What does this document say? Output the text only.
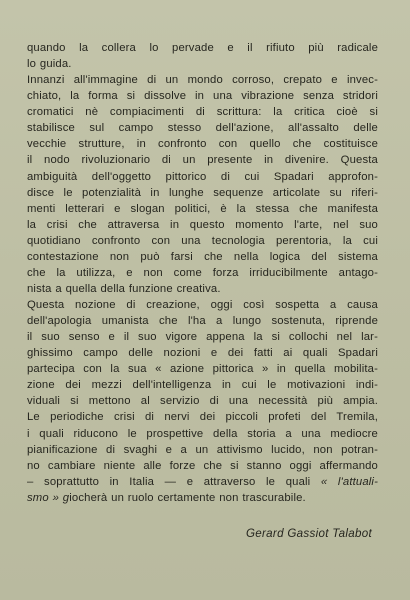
quando la collera lo pervade e il rifiuto più radicale
lo guida.
Innanzi all'immagine di un mondo corroso, crepato e invec-
chiato, la forma si dissolve in una vibrazione senza stridori
cromatici nè compiacimenti di scrittura: la critica cioè si
stabilisce sul campo stesso dell'azione, all'assalto delle
vecchie strutture, in confronto con quello che costituisce
il nodo rivoluzionario di un presente in divenire. Questa
ambiguità dell'oggetto pittorico di cui Spadari approfon-
disce le potenzialità in lunghe sequenze articolate su riferi-
menti letterari e slogan politici, è la stessa che manifesta
la crisi che attraversa in questo momento l'arte, nel suo
quotidiano confronto con una tecnologia perentoria, la cui
contestazione non può farsi che nella logica del sistema
che la utilizza, e non come forza irriducibilmente antago-
nista a quella della funzione creativa.
Questa nozione di creazione, oggi così sospetta a causa
dell'apologia umanista che l'ha a lungo sostenuta, riprende
il suo senso e il suo vigore appena la si collochi nel lar-
ghissimo campo delle nozioni e dei fatti ai quali Spadari
partecipa con la sua « azione pittorica » in quella mobilita-
zione dei mezzi dell'intelligenza in cui le motivazioni indi-
viduali si mettono al servizio di una necessità più ampia.
Le periodiche crisi di nervi dei piccoli profeti del Tremila,
i quali riducono le prospettive della storia a una mediocre
pianificazione di svaghi e a un attivismo lucido, non potran-
no cambiare niente alle forze che si stanno oggi affermando
– soprattutto in Italia — e attraverso le quali « l'attuali-
smo » giocherà un ruolo certamente non trascurabile.
Gerard Gassiot Talabot
